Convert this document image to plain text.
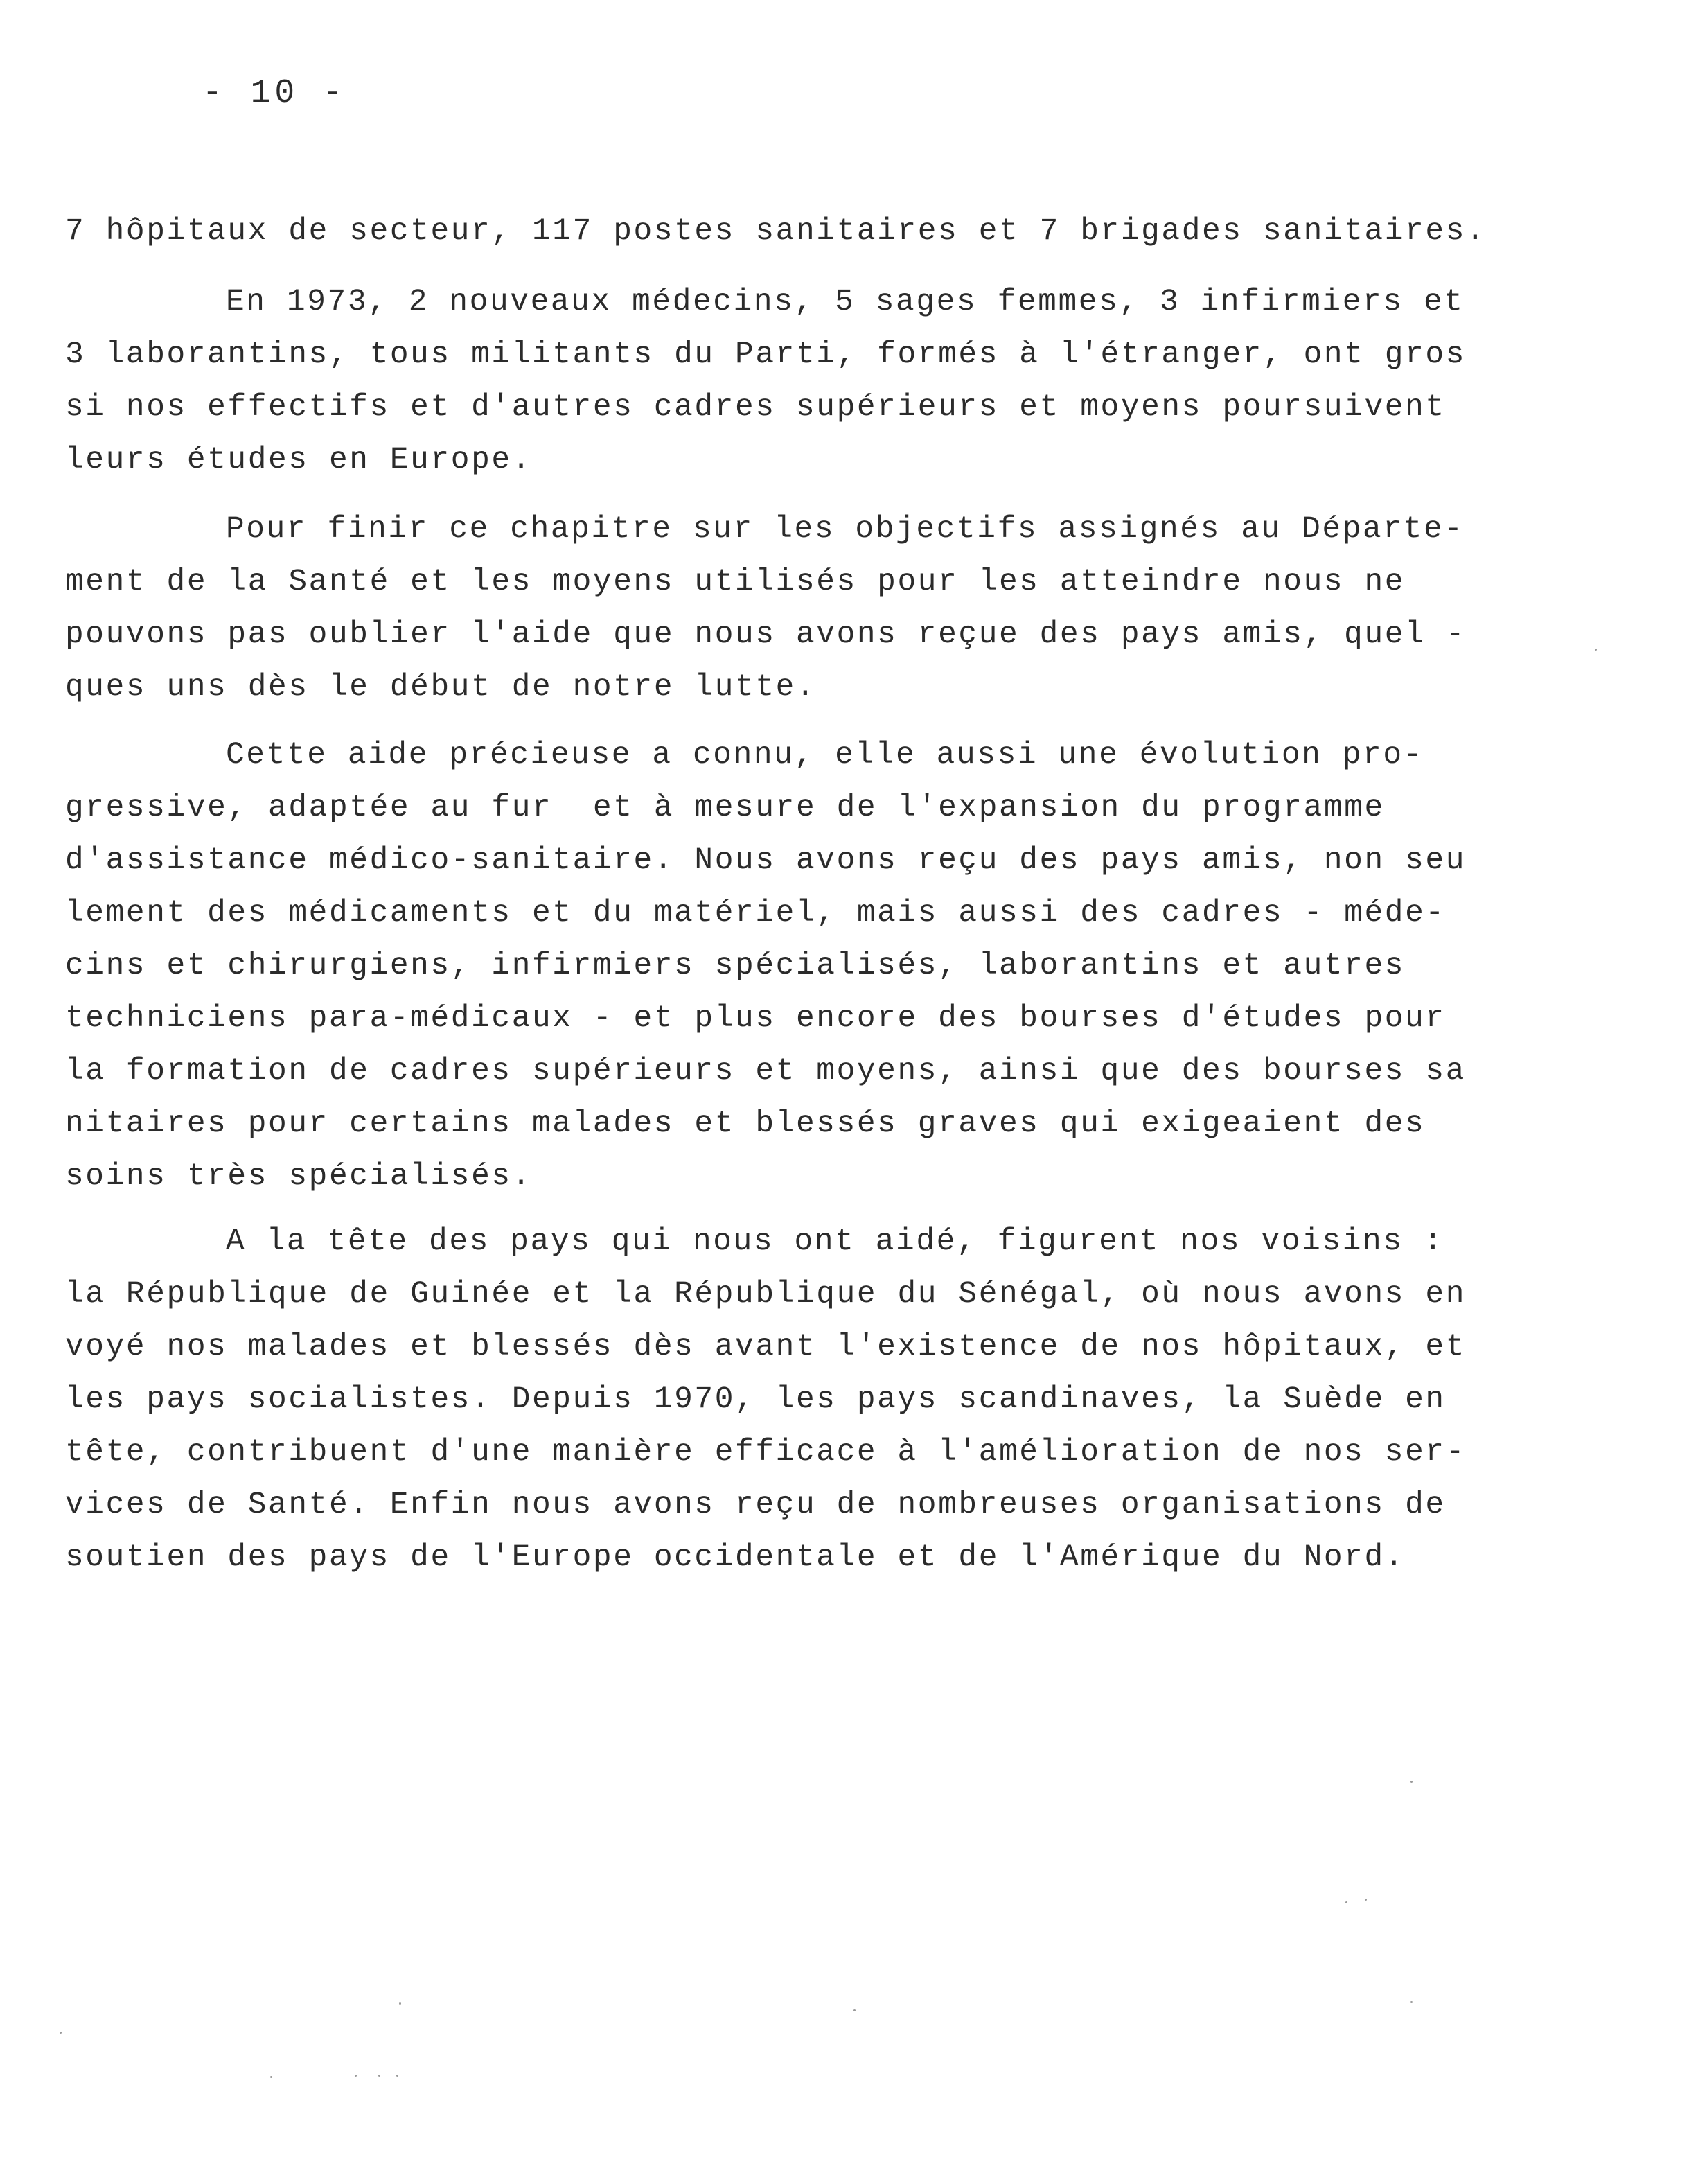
- 10 -
7 hôpitaux de secteur, 117 postes sanitaires et 7 brigades sanitaires.
En 1973, 2 nouveaux médecins, 5 sages femmes, 3 infirmiers et
3 laborantins, tous militants du Parti, formés à l'étranger, ont gros
si nos effectifs et d'autres cadres supérieurs et moyens poursuivent
leurs études en Europe.
Pour finir ce chapitre sur les objectifs assignés au Départe-
ment de la Santé et les moyens utilisés pour les atteindre nous ne
pouvons pas oublier l'aide que nous avons reçue des pays amis, quel -
ques uns dès le début de notre lutte.
Cette aide précieuse a connu, elle aussi une évolution pro-
gressive, adaptée au fur  et à mesure de l'expansion du programme
d'assistance médico-sanitaire. Nous avons reçu des pays amis, non seu
lement des médicaments et du matériel, mais aussi des cadres - méde-
cins et chirurgiens, infirmiers spécialisés, laborantins et autres
techniciens para-médicaux - et plus encore des bourses d'études pour
la formation de cadres supérieurs et moyens, ainsi que des bourses sa
nitaires pour certains malades et blessés graves qui exigeaient des
soins très spécialisés.
A la tête des pays qui nous ont aidé, figurent nos voisins :
la République de Guinée et la République du Sénégal, où nous avons en
voyé nos malades et blessés dès avant l'existence de nos hôpitaux, et
les pays socialistes. Depuis 1970, les pays scandinaves, la Suède en
tête, contribuent d'une manière efficace à l'amélioration de nos ser-
vices de Santé. Enfin nous avons reçu de nombreuses organisations de
soutien des pays de l'Europe occidentale et de l'Amérique du Nord.
